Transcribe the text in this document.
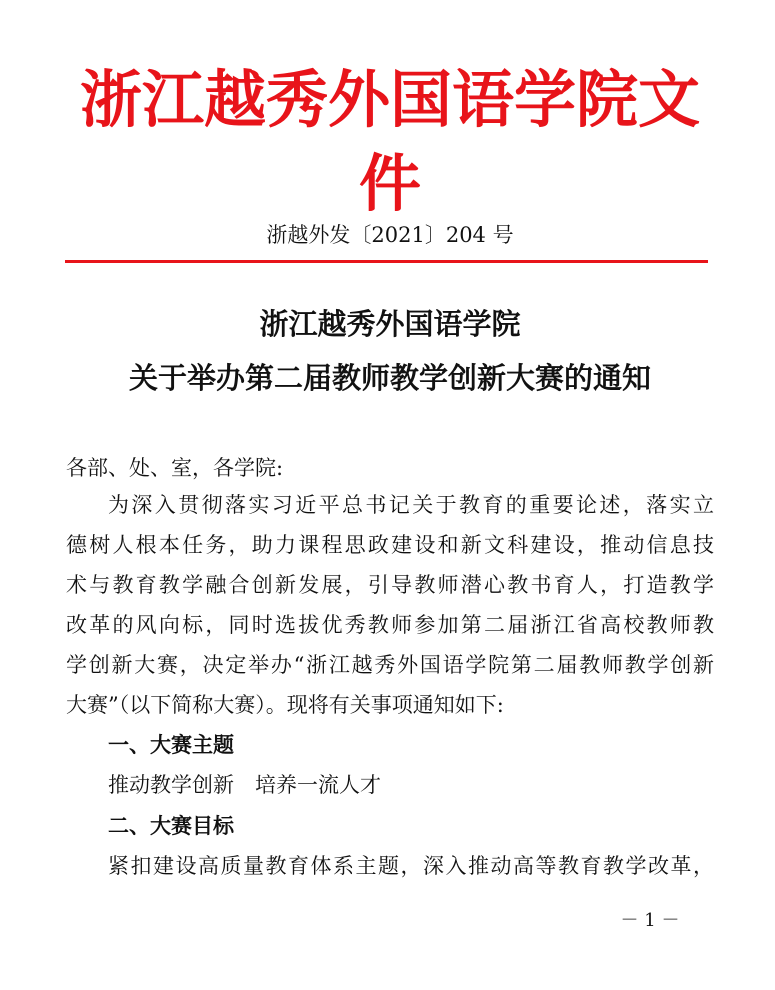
浙江越秀外国语学院文件
浙越外发〔2021〕204 号
浙江越秀外国语学院
关于举办第二届教师教学创新大赛的通知
各部、处、室，各学院:
为深入贯彻落实习近平总书记关于教育的重要论述，落实立
德树人根本任务，助力课程思政建设和新文科建设，推动信息技
术与教育教学融合创新发展，引导教师潜心教书育人，打造教学
改革的风向标，同时选拔优秀教师参加第二届浙江省高校教师教
学创新大赛，决定举办“浙江越秀外国语学院第二届教师教学创新
大赛”（以下简称大赛）。现将有关事项通知如下:
一、大赛主题
推动教学创新　培养一流人才
二、大赛目标
紧扣建设高质量教育体系主题，深入推动高等教育教学改革，
－ 1 －
